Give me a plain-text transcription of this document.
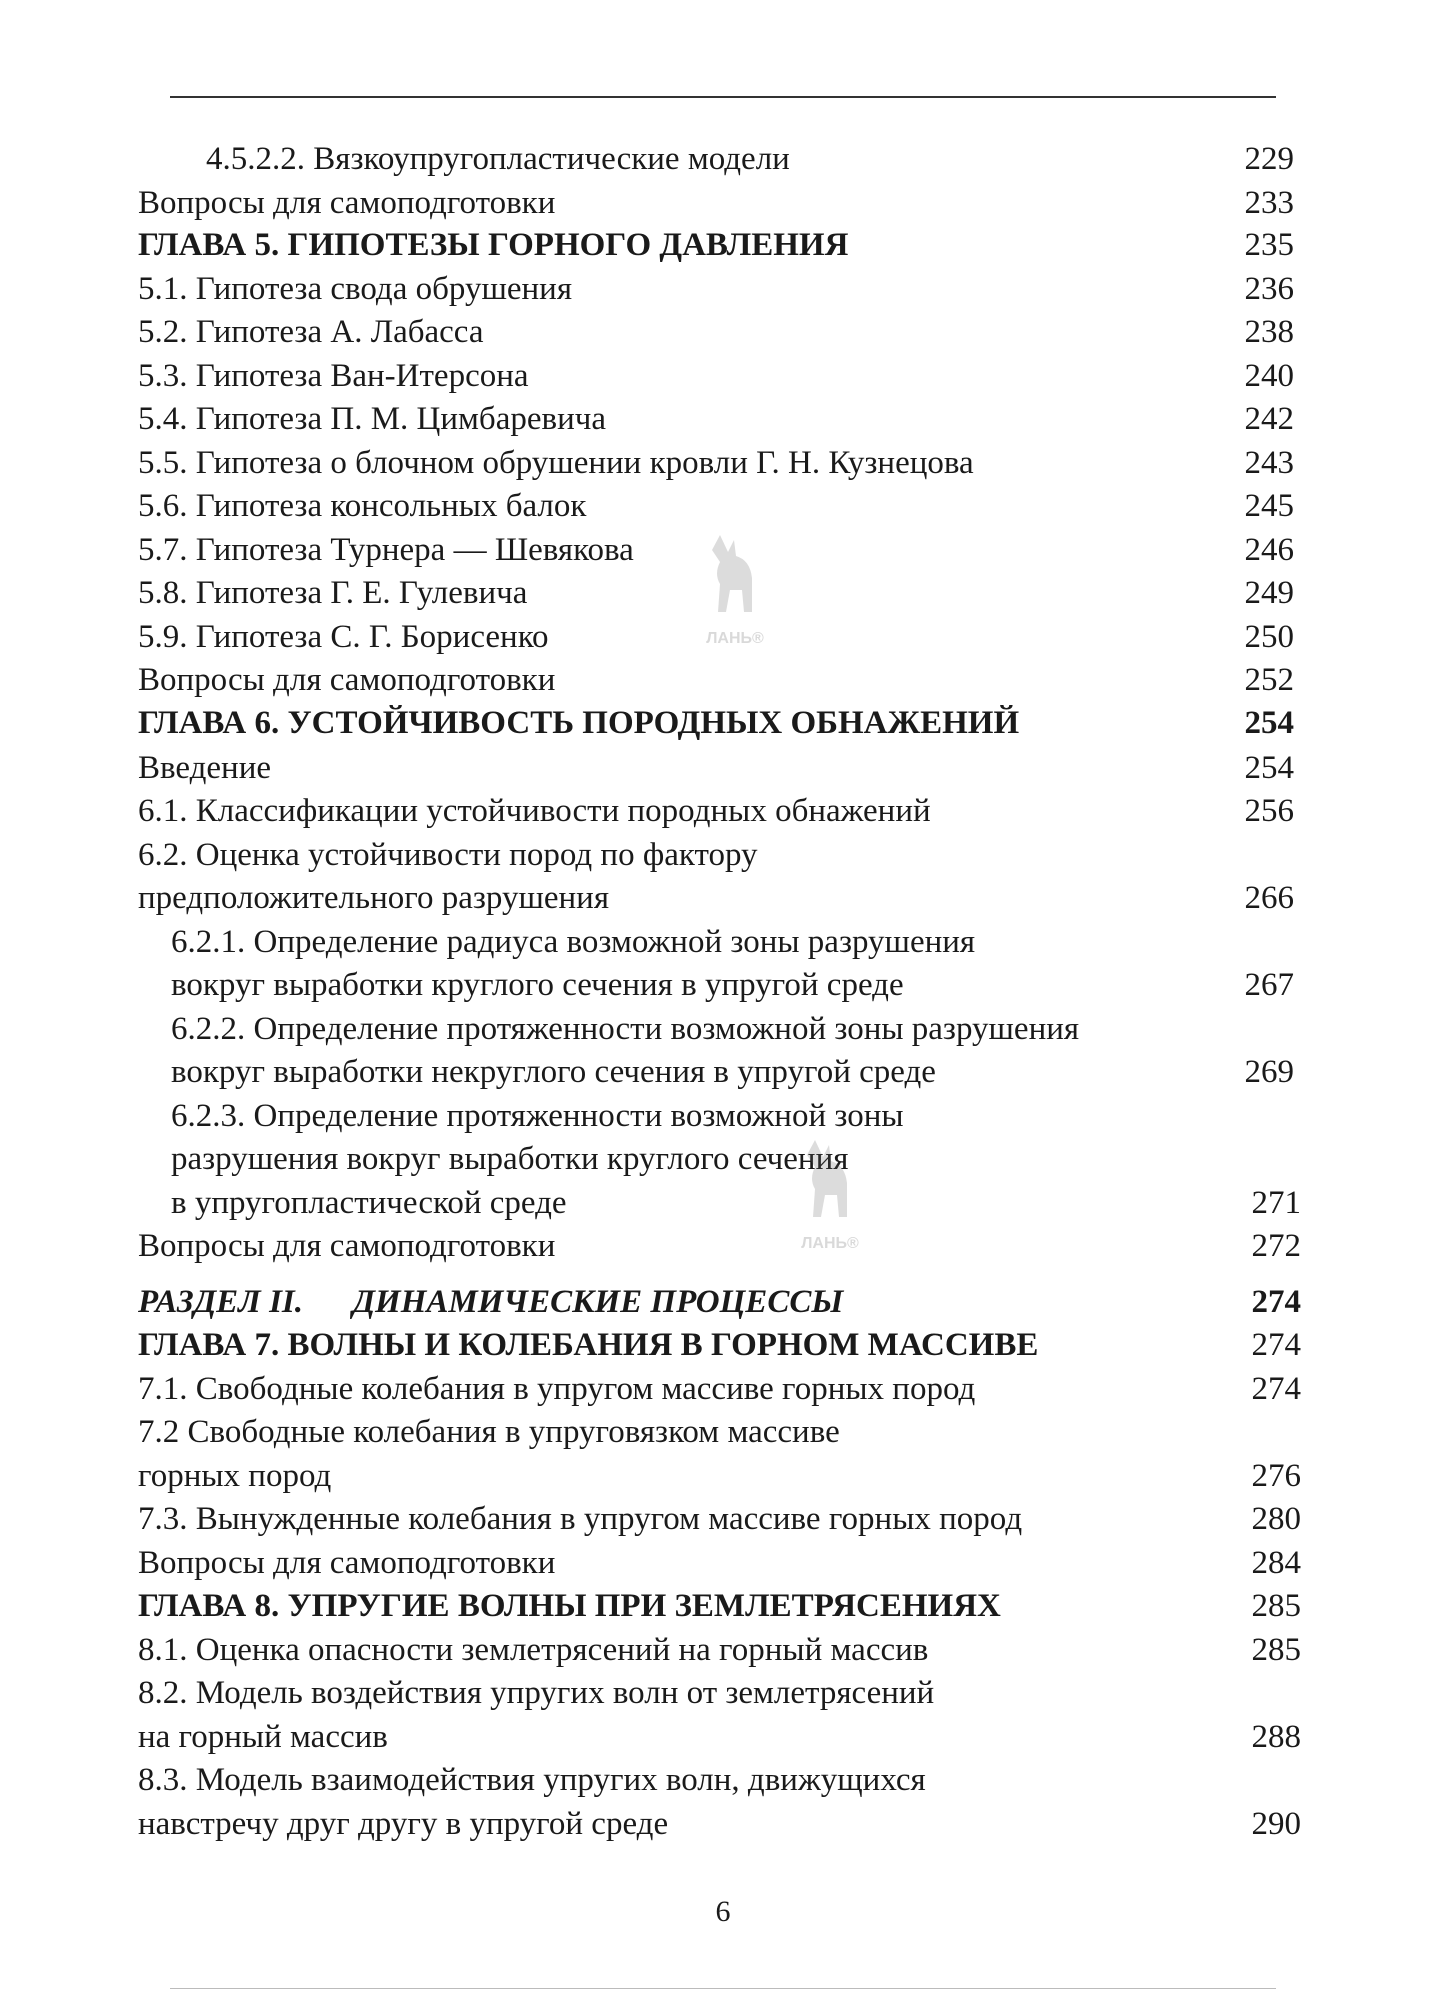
4.5.2.2. Вязкоупругопластические модели	229
Вопросы для самоподготовки	233
ГЛАВА 5. ГИПОТЕЗЫ ГОРНОГО ДАВЛЕНИЯ	235
5.1. Гипотеза свода обрушения	236
5.2. Гипотеза А. Лабасса	238
5.3. Гипотеза Ван-Итерсона	240
5.4. Гипотеза П. М. Цимбаревича	242
5.5. Гипотеза о блочном обрушении кровли Г. Н. Кузнецова	243
5.6. Гипотеза консольных балок	245
5.7. Гипотеза Турнера — Шевякова	246
5.8. Гипотеза Г. Е. Гулевича	249
5.9. Гипотеза С. Г. Борисенко	250
Вопросы для самоподготовки	252
ГЛАВА 6. УСТОЙЧИВОСТЬ ПОРОДНЫХ ОБНАЖЕНИЙ	254
Введение	254
6.1. Классификации устойчивости породных обнажений	256
6.2. Оценка устойчивости пород по фактору
предположительного разрушения	266
6.2.1. Определение радиуса возможной зоны разрушения
вокруг выработки круглого сечения в упругой среде	267
6.2.2. Определение протяженности возможной зоны разрушения
вокруг выработки некруглого сечения в упругой среде	269
6.2.3. Определение протяженности возможной зоны
разрушения вокруг выработки круглого сечения
в упругопластической среде	271
Вопросы для самоподготовки	272
РАЗДЕЛ II.      ДИНАМИЧЕСКИЕ ПРОЦЕССЫ	274
ГЛАВА 7. ВОЛНЫ И КОЛЕБАНИЯ В ГОРНОМ МАССИВЕ	274
7.1. Свободные колебания в упругом массиве горных пород	274
7.2 Свободные колебания в упруговязком массиве
горных пород	276
7.3. Вынужденные колебания в упругом массиве горных пород	280
Вопросы для самоподготовки	284
ГЛАВА 8. УПРУГИЕ ВОЛНЫ ПРИ ЗЕМЛЕТРЯСЕНИЯХ	285
8.1. Оценка опасности землетрясений на горный массив	285
8.2. Модель воздействия упругих волн от землетрясений
на горный массив	288
8.3. Модель взаимодействия упругих волн, движущихся
навстречу друг другу в упругой среде	290
ЛАНЬ®
ЛАНЬ®
6
